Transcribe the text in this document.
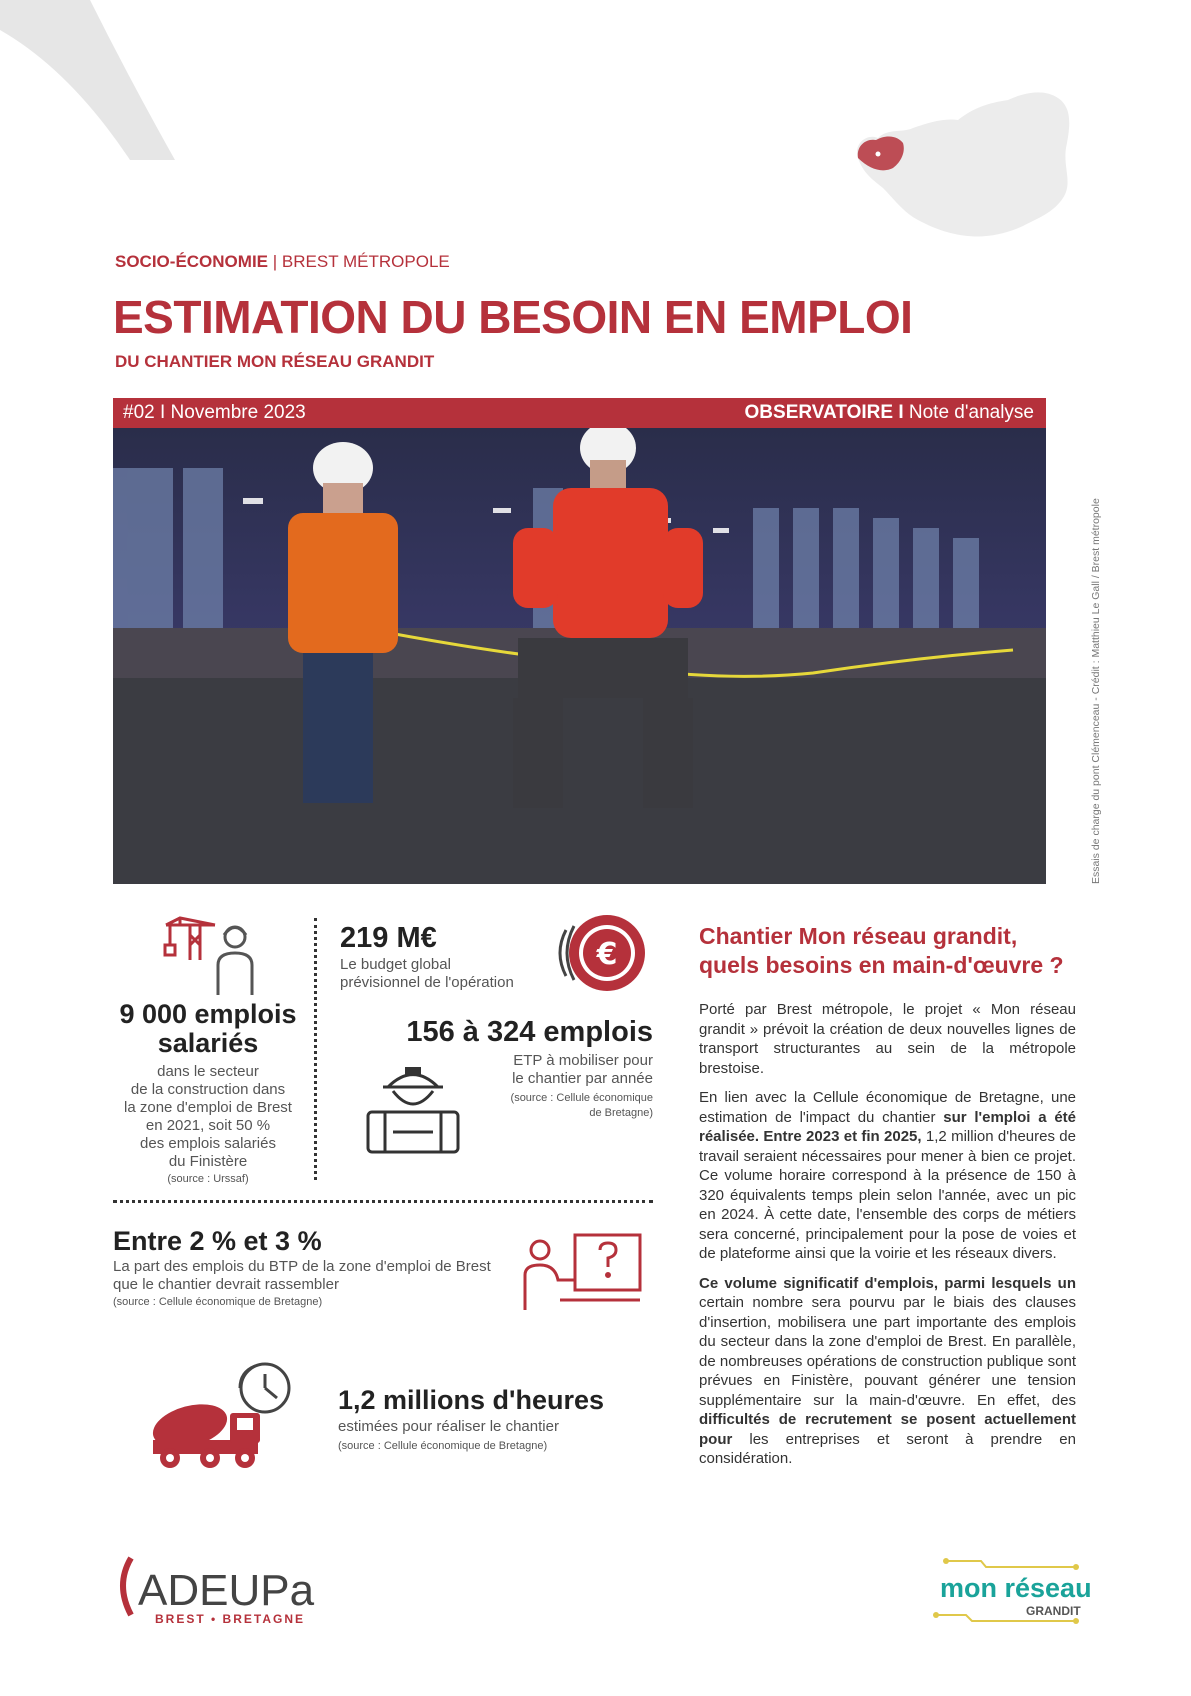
SOCIO-ÉCONOMIE | BREST MÉTROPOLE
ESTIMATION DU BESOIN EN EMPLOI
DU CHANTIER MON RÉSEAU GRANDIT
#02 I Novembre 2023	OBSERVATOIRE I Note d'analyse
Essais de charge du pont Clémenceau - Crédit : Matthieu Le Gall / Brest métropole
9 000 emplois salariés
dans le secteur
de la construction dans
la zone d'emploi de Brest
en 2021, soit 50 %
des emplois salariés
du Finistère
(source : Urssaf)
219 M€
Le budget global
prévisionnel de l'opération
€
156 à 324 emplois
ETP à mobiliser pour
le chantier par année
(source : Cellule économique
de Bretagne)
Entre 2 % et 3 %
La part des emplois du BTP de la zone d'emploi de Brest
que le chantier devrait rassembler
(source : Cellule économique de Bretagne)
1,2 millions d'heures
estimées pour réaliser le chantier
(source : Cellule économique de Bretagne)
Chantier Mon réseau grandit,
quels besoins en main-d'œuvre ?

Porté par Brest métropole, le projet « Mon réseau grandit » prévoit la création de deux nouvelles lignes de transport structurantes au sein de la métropole brestoise.

En lien avec la Cellule économique de Bretagne, une estimation de l'impact du chantier sur l'emploi a été réalisée. Entre 2023 et fin 2025, 1,2 million d'heures de travail seraient nécessaires pour mener à bien ce projet. Ce volume horaire correspond à la présence de 150 à 320 équivalents temps plein selon l'année, avec un pic en 2024. À cette date, l'ensemble des corps de métiers sera concerné, principalement pour la pose de voies et de plateforme ainsi que la voirie et les réseaux divers.

Ce volume significatif d'emplois, parmi lesquels un certain nombre sera pourvu par le biais des clauses d'insertion, mobilisera une part importante des emplois du secteur dans la zone d'emploi de Brest. En parallèle, de nombreuses opérations de construction publique sont prévues en Finistère, pouvant générer une tension supplémentaire sur la main-d'œuvre. En effet, des difficultés de recrutement se posent actuellement pour les entreprises et seront à prendre en considération.

ADEUPa
BREST • BRETAGNE
mon réseau
GRANDIT
